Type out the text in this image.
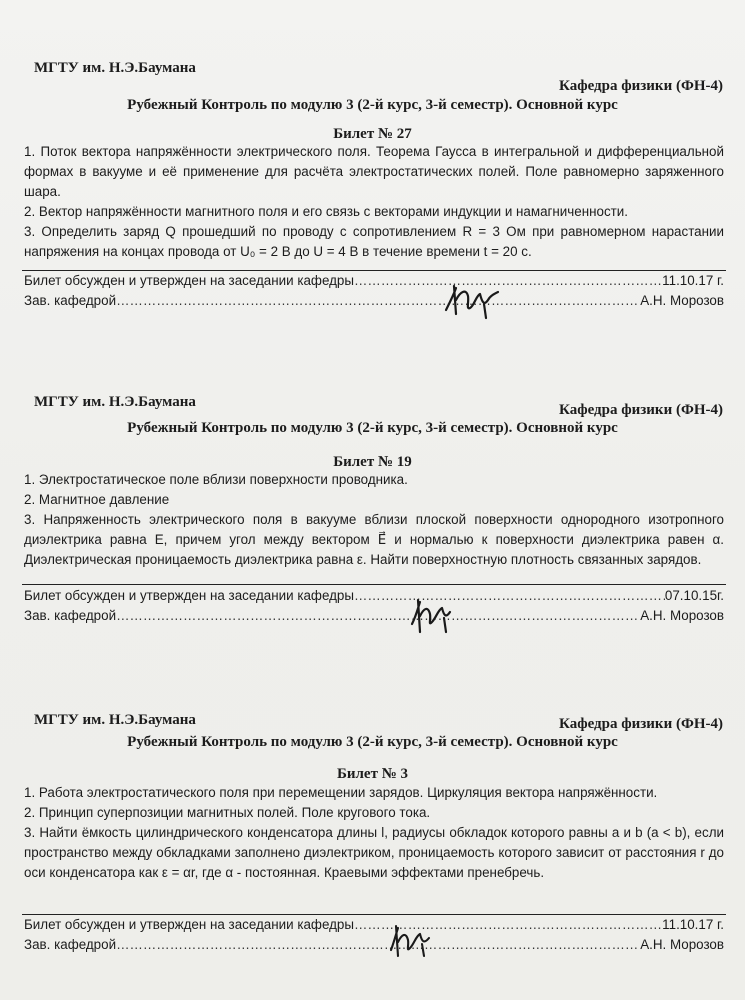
МГТУ им. Н.Э.Баумана
Кафедра физики (ФН-4)
Рубежный Контроль по модулю 3 (2-й курс, 3-й семестр). Основной курс
Билет № 27

1. Поток вектора напряжённости электрического поля. Теорема Гаусса в интегральной и дифференциальной формах в вакууме и её применение для расчёта электростатических полей. Поле равномерно заряженного шара.

2. Вектор напряжённости магнитного поля и его связь с векторами индукции и намагниченности.

3. Определить заряд Q прошедший по проводу с сопротивлением R = 3 Ом при равномерном нарастании напряжения на концах провода от U₀ = 2 В до U = 4 В в течение времени t = 20 с.

Билет обсужден и утвержден на заседании кафедры …………………………………………………………………………………………………………	11.10.17 г.
Зав. кафедрой …………………………………………………………………………………………………………	А.Н. Морозов
МГТУ им. Н.Э.Баумана	Кафедра физики (ФН-4)
Рубежный Контроль по модулю 3 (2-й курс, 3-й семестр). Основной курс
Билет № 19

1. Электростатическое поле вблизи поверхности проводника.

2. Магнитное давление

3. Напряженность электрического поля в вакууме вблизи плоской поверхности однородного изотропного диэлектрика равна E, причем угол между вектором E⃗ и нормалью к поверхности диэлектрика равен α. Диэлектрическая проницаемость диэлектрика равна ε. Найти поверхностную плотность связанных зарядов.

Билет обсужден и утвержден на заседании кафедры …………………………………………………………………………………………………………	07.10.15г.
Зав. кафедрой …………………………………………………………………………………………………………	А.Н. Морозов
МГТУ им. Н.Э.Баумана	Кафедра физики (ФН-4)
Рубежный Контроль по модулю 3 (2-й курс, 3-й семестр). Основной курс
Билет № 3

1. Работа электростатического поля при перемещении зарядов. Циркуляция вектора напряжённости.

2. Принцип суперпозиции магнитных полей. Поле кругового тока.

3. Найти ёмкость цилиндрического конденсатора длины l, радиусы обкладок которого равны a и b (a < b), если пространство между обкладками заполнено диэлектриком, проницаемость которого зависит от расстояния r до оси конденсатора как ε = αr, где α - постоянная. Краевыми эффектами пренебречь.

Билет обсужден и утвержден на заседании кафедры …………………………………………………………………………………………………………	11.10.17 г.
Зав. кафедрой …………………………………………………………………………………………………………	А.Н. Морозов
